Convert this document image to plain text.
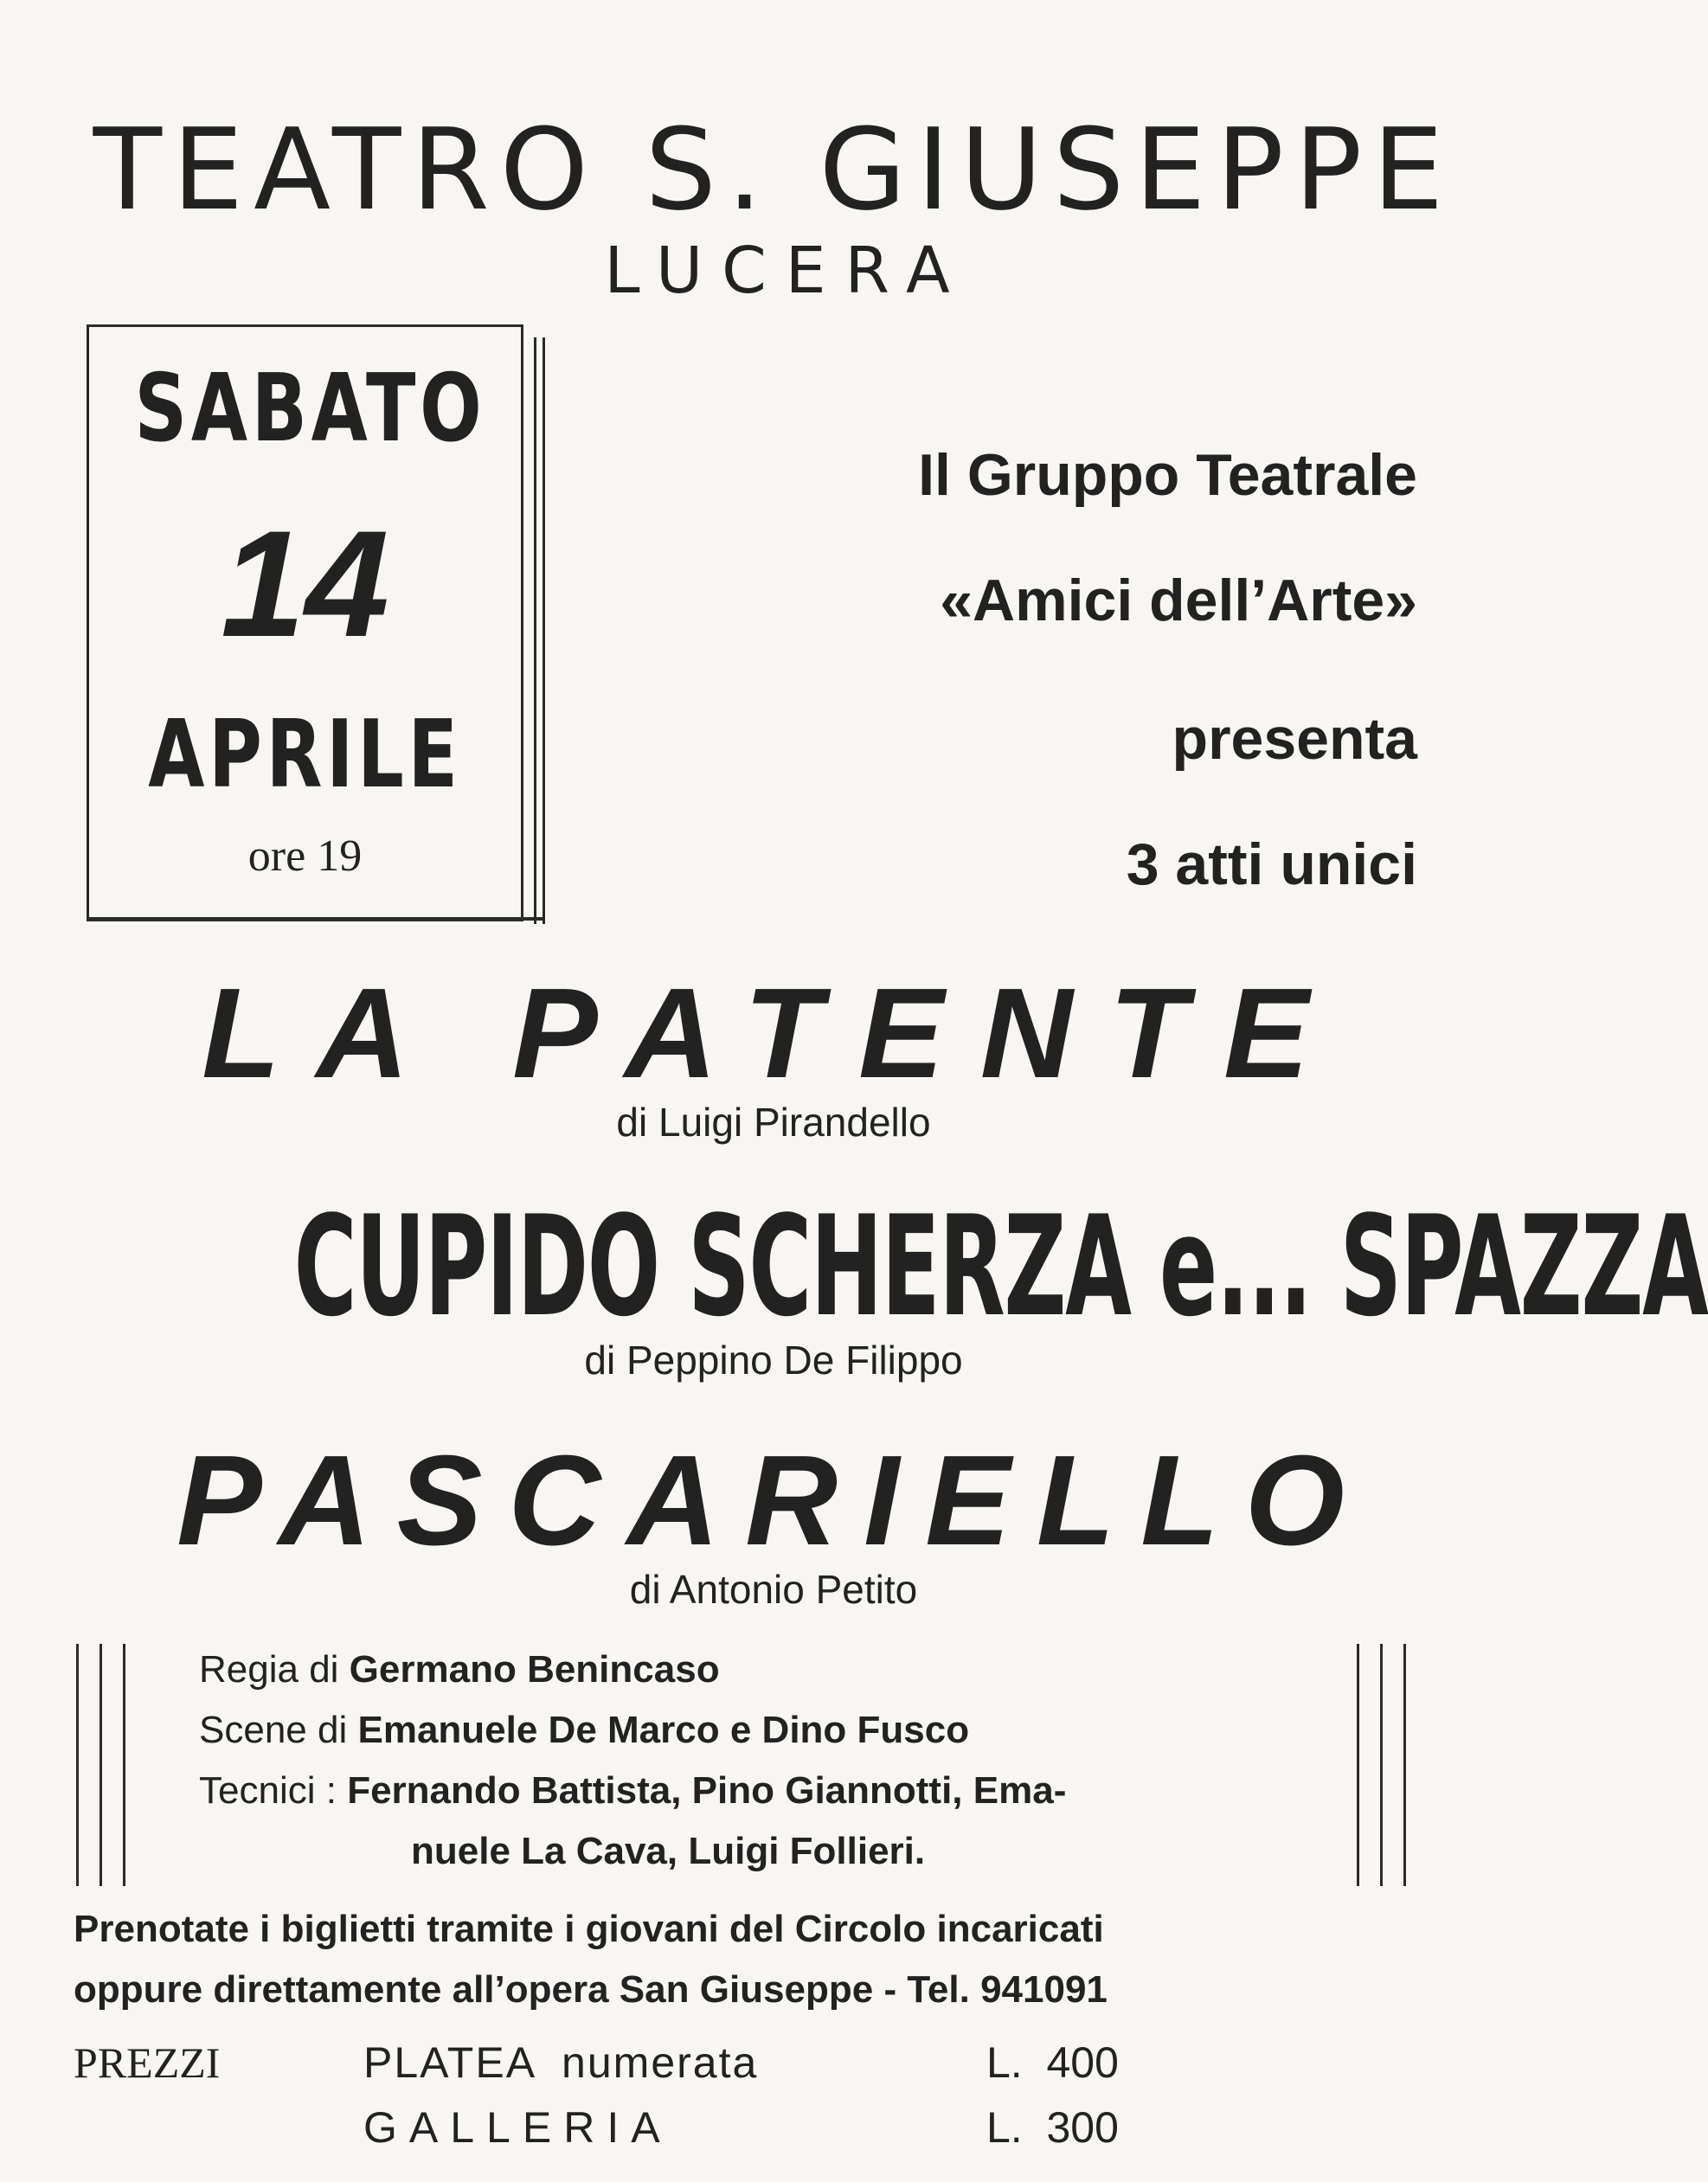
TEATRO S. GIUSEPPE
LUCERA
SABATO
14
APRILE
ore 19
Il Gruppo Teatrale
«Amici dell’Arte»
presenta
3 atti unici
LA PATENTE
di Luigi Pirandello
CUPIDO SCHERZA e... SPAZZA
di Peppino De Filippo
PASCARIELLO
di Antonio Petito
Regia di Germano Benincaso
Scene di Emanuele De Marco e Dino Fusco
Tecnici : Fernando Battista, Pino Giannotti, Ema-
nuele La Cava, Luigi Follieri.
Prenotate i biglietti tramite i giovani del Circolo incaricati
oppure direttamente all’opera San Giuseppe - Tel. 941091
PREZZI	PLATEA  numerata	L.  400
GALLERIA	L.  300
